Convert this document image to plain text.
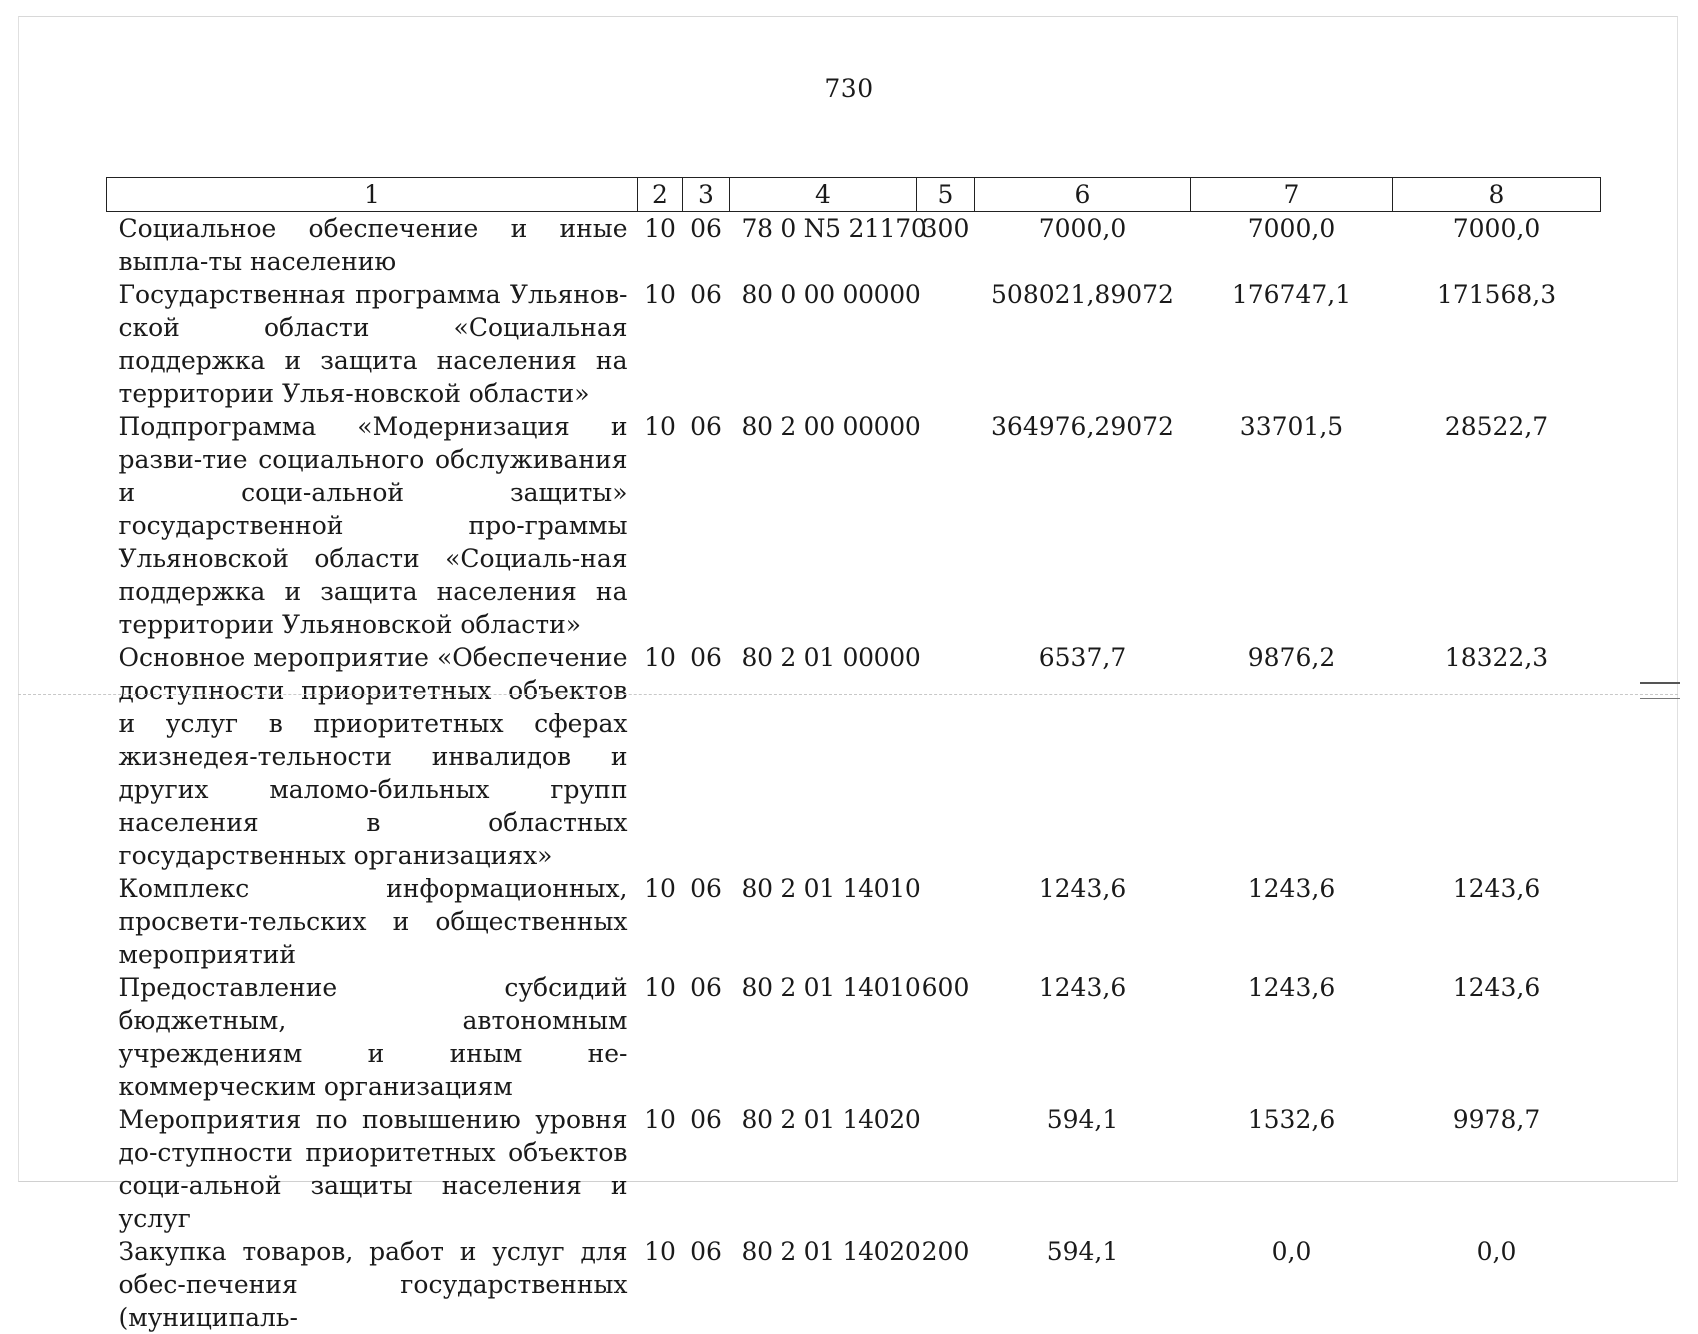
730
1	2	3	4	5	6	7	8
Социальное обеспечение и иные выпла-ты населению	10	06	78 0 N5 21170	300	7000,0	7000,0	7000,0
Государственная программа Ульянов-ской области «Социальная поддержка и защита населения на территории Улья-новской области»	10	06	80 0 00 00000		508021,89072	176747,1	171568,3
Подпрограмма «Модернизация и разви-тие социального обслуживания и соци-альной защиты» государственной про-граммы Ульяновской области «Социаль-ная поддержка и защита населения на территории Ульяновской области»	10	06	80 2 00 00000		364976,29072	33701,5	28522,7
Основное мероприятие «Обеспечение доступности приоритетных объектов и услуг в приоритетных сферах жизнедея-тельности инвалидов и других маломо-бильных групп населения в областных государственных организациях»	10	06	80 2 01 00000		6537,7	9876,2	18322,3
Комплекс информационных, просвети-тельских и общественных мероприятий	10	06	80 2 01 14010		1243,6	1243,6	1243,6
Предоставление субсидий бюджетным, автономным учреждениям и иным не-коммерческим организациям	10	06	80 2 01 14010	600	1243,6	1243,6	1243,6
Мероприятия по повышению уровня до-ступности приоритетных объектов соци-альной защиты населения и услуг	10	06	80 2 01 14020		594,1	1532,6	9978,7
Закупка товаров, работ и услуг для обес-печения государственных (муниципаль-	10	06	80 2 01 14020	200	594,1	0,0	0,0
